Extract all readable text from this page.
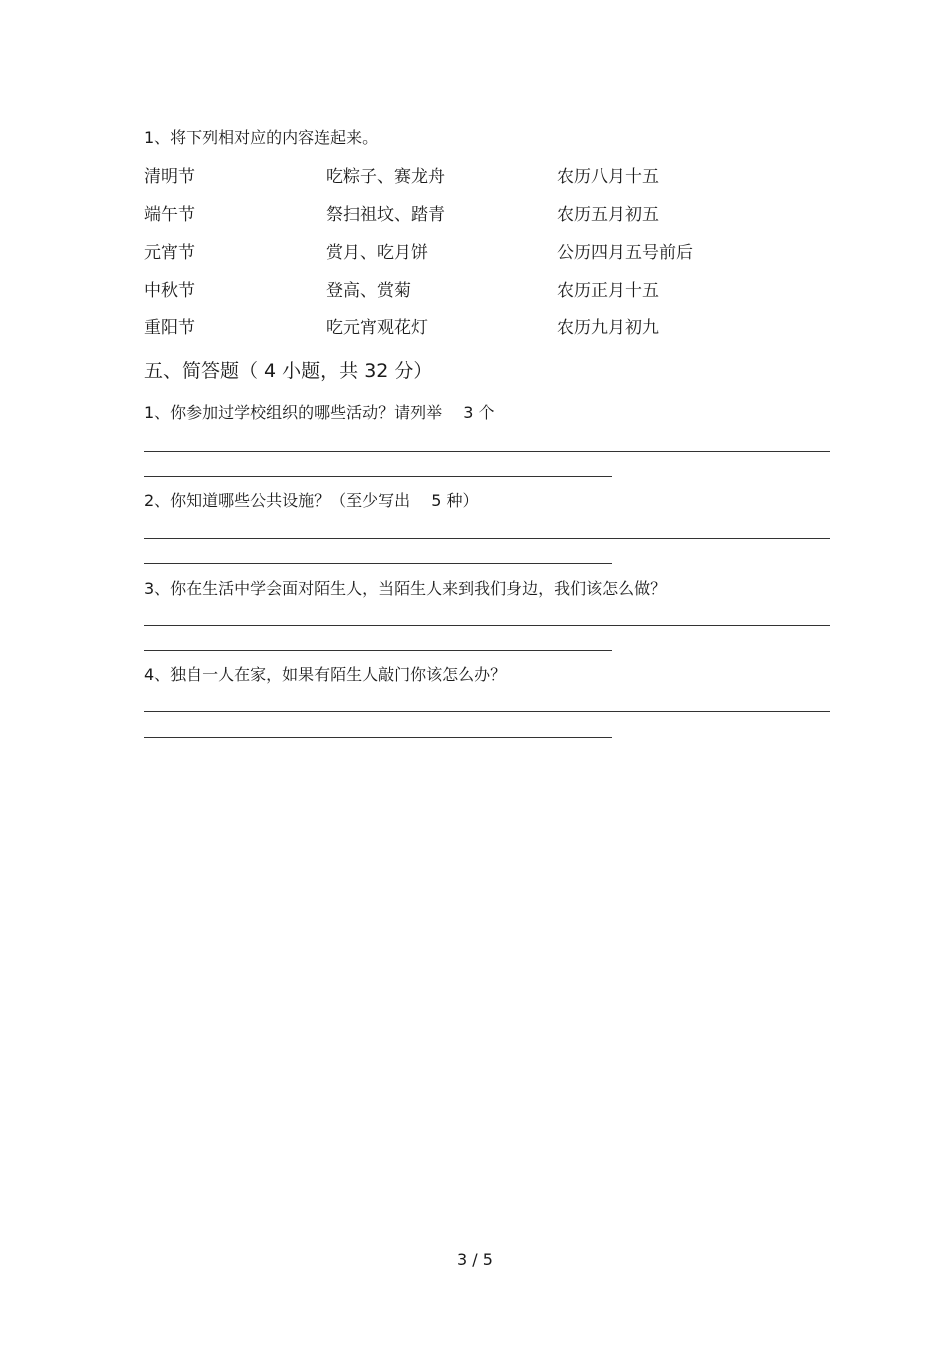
1、将下列相对应的内容连起来。
清明节	吃粽子、赛龙舟	农历八月十五
端午节	祭扫祖坟、踏青	农历五月初五
元宵节	赏月、吃月饼	公历四月五号前后
中秋节	登高、赏菊	农历正月十五
重阳节	吃元宵观花灯	农历九月初九
五、简答题（ 4 小题，共 32 分）
1、你参加过学校组织的哪些活动？请列举　 3 个
2、你知道哪些公共设施？（至少写出　 5 种）
3、你在生活中学会面对陌生人，当陌生人来到我们身边，我们该怎么做？
4、独自一人在家，如果有陌生人敲门你该怎么办？
3 / 5
